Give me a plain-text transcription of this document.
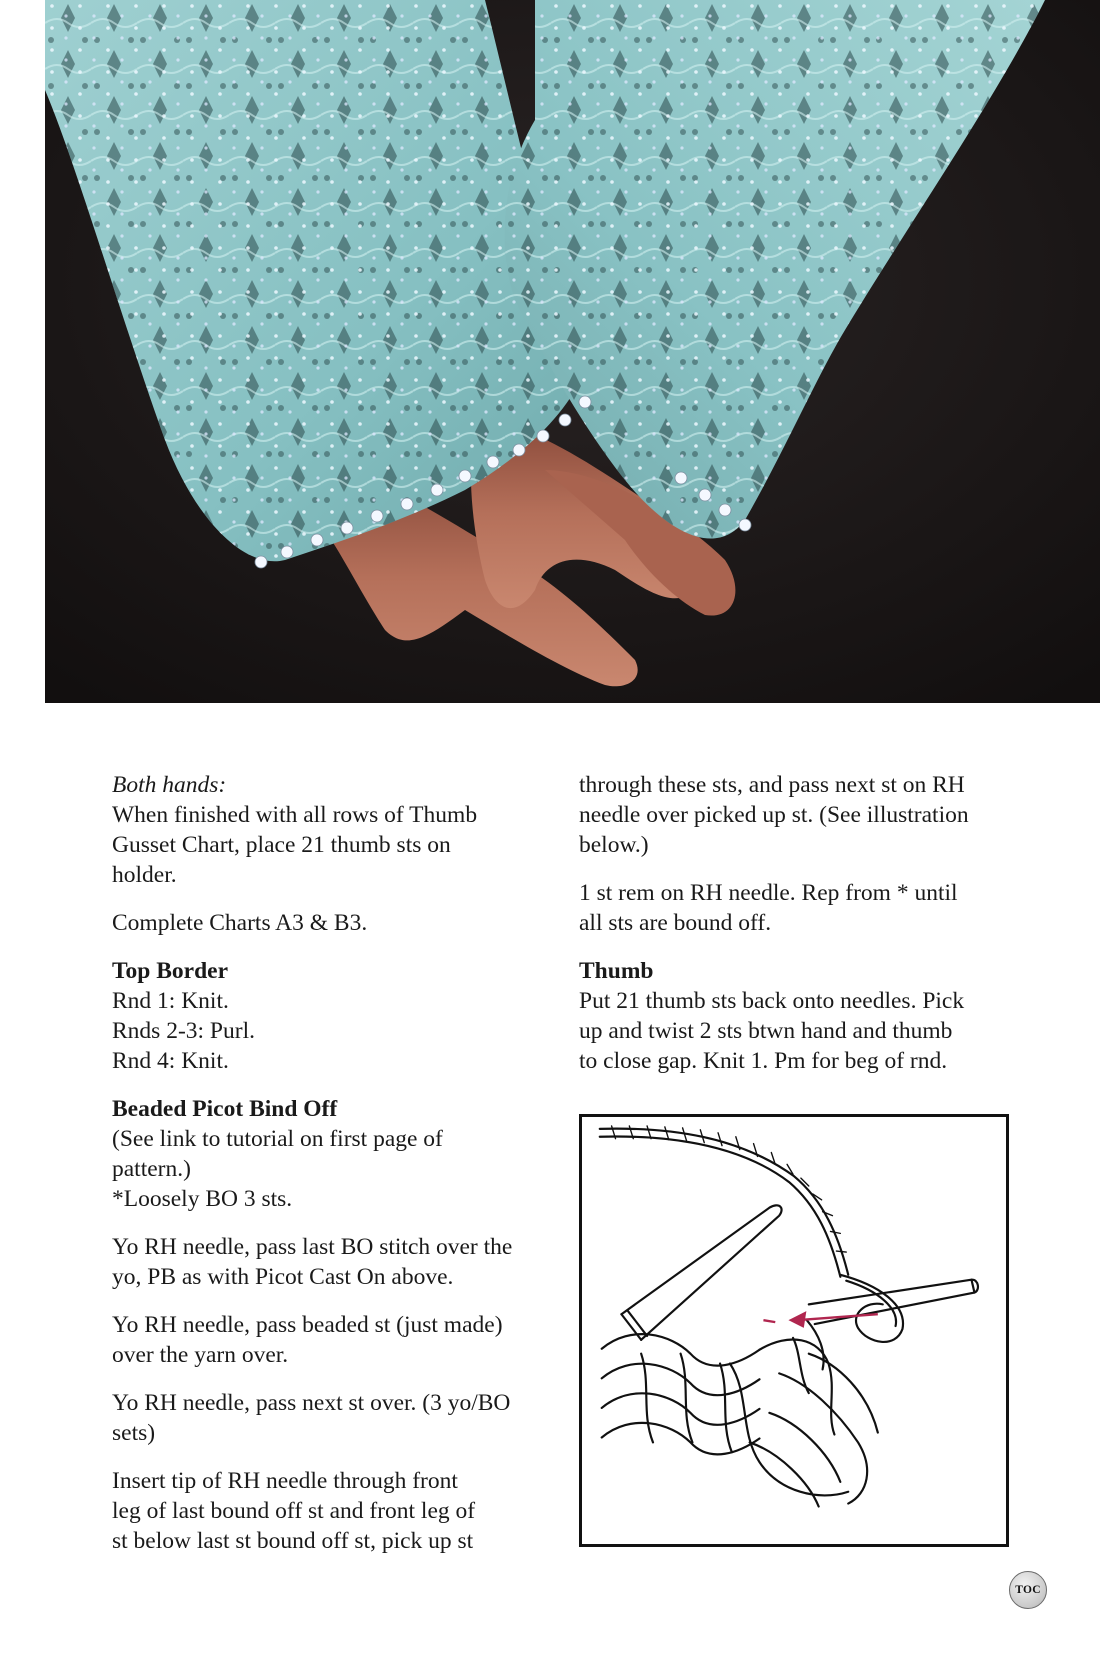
Both hands:
When finished with all rows of Thumb
Gusset Chart, place 21 thumb sts on
holder.
Complete Charts A3 & B3.
Top Border
Rnd 1: Knit.
Rnds 2-3: Purl.
Rnd 4: Knit.
Beaded Picot Bind Off
(See link to tutorial on first page of
pattern.)
*Loosely BO 3 sts.
Yo RH needle, pass last BO stitch over the
yo, PB as with Picot Cast On above.
Yo RH needle, pass beaded st (just made)
over the yarn over.
Yo RH needle, pass next st over. (3 yo/BO
sets)
Insert tip of RH needle through front
leg of last bound off st and front leg of
st below last st bound off st, pick up st
through these sts, and pass next st on RH
needle over picked up st. (See illustration
below.)
1 st rem on RH needle. Rep from * until
all sts are bound off.
Thumb
Put 21 thumb sts back onto needles. Pick
up and twist 2 sts btwn hand and thumb
to close gap. Knit 1. Pm for beg of rnd.
TOC
